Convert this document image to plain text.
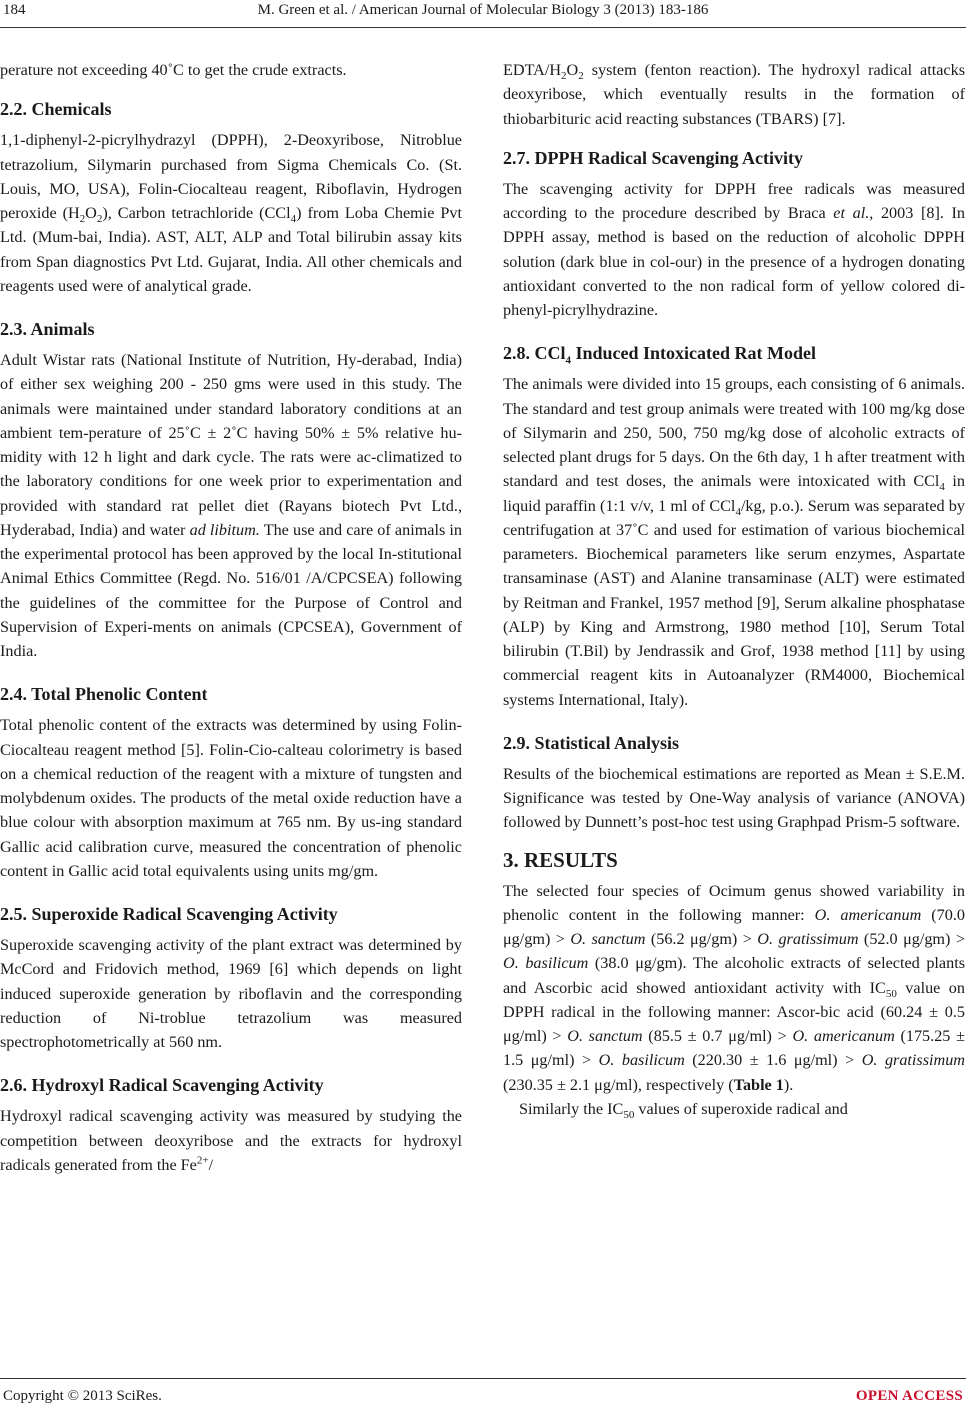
184	M. Green et al. / American Journal of Molecular Biology 3 (2013) 183-186

perature not exceeding 40˚C to get the crude extracts.

2.2. Chemicals

1,1-diphenyl-2-picrylhydrazyl (DPPH), 2-Deoxyribose, Nitroblue tetrazolium, Silymarin purchased from Sigma Chemicals Co. (St. Louis, MO, USA), Folin-Ciocalteau reagent, Riboflavin, Hydrogen peroxide $(H_2O_2)$, Carbon tetrachloride (CCl$_4$) from Loba Chemie Pvt Ltd. (Mum-bai, India). AST, ALT, ALP and Total bilirubin assay kits from Span diagnostics Pvt Ltd. Gujarat, India. All other chemicals and reagents used were of analytical grade.

2.3. Animals

Adult Wistar rats (National Institute of Nutrition, Hy-derabad, India) of either sex weighing 200 - 250 gms were used in this study. The animals were maintained under standard laboratory conditions at an ambient tem-perature of 25˚C ± 2˚C having 50% ± 5% relative hu-midity with 12 h light and dark cycle. The rats were ac-climatized to the laboratory conditions for one week prior to experimentation and provided with standard rat pellet diet (Rayans biotech Pvt Ltd., Hyderabad, India) and water ad libitum. The use and care of animals in the experimental protocol has been approved by the local In-stitutional Animal Ethics Committee (Regd. No. 516/01 /A/CPCSEA) following the guidelines of the committee for the Purpose of Control and Supervision of Experi-ments on animals (CPCSEA), Government of India.

2.4. Total Phenolic Content

Total phenolic content of the extracts was determined by using Folin-Ciocalteau reagent method [5]. Folin-Cio-calteau colorimetry is based on a chemical reduction of the reagent with a mixture of tungsten and molybdenum oxides. The products of the metal oxide reduction have a blue colour with absorption maximum at 765 nm. By us-ing standard Gallic acid calibration curve, measured the concentration of phenolic content in Gallic acid total equivalents using units mg/gm.

2.5. Superoxide Radical Scavenging Activity

Superoxide scavenging activity of the plant extract was determined by McCord and Fridovich method, 1969 [6] which depends on light induced superoxide generation by riboflavin and the corresponding reduction of Ni-troblue tetrazolium was measured spectrophotometrically at 560 nm.

2.6. Hydroxyl Radical Scavenging Activity

Hydroxyl radical scavenging activity was measured by studying the competition between deoxyribose and the extracts for hydroxyl radicals generated from the $Fe^{2+}/$

EDTA/$H_2O_2$ system (fenton reaction). The hydroxyl radical attacks deoxyribose, which eventually results in the formation of thiobarbituric acid reacting substances (TBARS) [7].

2.7. DPPH Radical Scavenging Activity

The scavenging activity for DPPH free radicals was measured according to the procedure described by Braca et al., 2003 [8]. In DPPH assay, method is based on the reduction of alcoholic DPPH solution (dark blue in col-our) in the presence of a hydrogen donating antioxidant converted to the non radical form of yellow colored di-phenyl-picrylhydrazine.

2.8. CCl$_4$ Induced Intoxicated Rat Model

The animals were divided into 15 groups, each consisting of 6 animals. The standard and test group animals were treated with 100 mg/kg dose of Silymarin and 250, 500, 750 mg/kg dose of alcoholic extracts of selected plant drugs for 5 days. On the 6th day, 1 h after treatment with standard and test doses, the animals were intoxicated with CCl$_4$ in liquid paraffin (1:1 v/v, 1 ml of CCl$_4$/kg, p.o.). Serum was separated by centrifugation at 37˚C and used for estimation of various biochemical parameters. Biochemical parameters like serum enzymes, Aspartate transaminase (AST) and Alanine transaminase (ALT) were estimated by Reitman and Frankel, 1957 method [9], Serum alkaline phosphatase (ALP) by King and Armstrong, 1980 method [10], Serum Total bilirubin (T.Bil) by Jendrassik and Grof, 1938 method [11] by using commercial reagent kits in Autoanalyzer (RM4000, Biochemical systems International, Italy).

2.9. Statistical Analysis

Results of the biochemical estimations are reported as Mean ± S.E.M. Significance was tested by One-Way analysis of variance (ANOVA) followed by Dunnett’s post-hoc test using Graphpad Prism-5 software.

3. RESULTS

The selected four species of Ocimum genus showed variability in phenolic content in the following manner: O. americanum (70.0 μg/gm) > O. sanctum (56.2 μg/gm) > O. gratissimum (52.0 μg/gm) > O. basilicum (38.0 μg/gm). The alcoholic extracts of selected plants and Ascorbic acid showed antioxidant activity with $IC_{50}$ value on DPPH radical in the following manner: Ascor-bic acid (60.24 ± 0.5 μg/ml) > O. sanctum (85.5 ± 0.7 μg/ml) > O. americanum (175.25 ± 1.5 μg/ml) > O. basilicum (220.30 ± 1.6 μg/ml) > O. gratissimum (230.35 ± 2.1 μg/ml), respectively (Table 1).

Similarly the $IC_{50}$ values of superoxide radical and

Copyright © 2013 SciRes.	OPEN ACCESS
